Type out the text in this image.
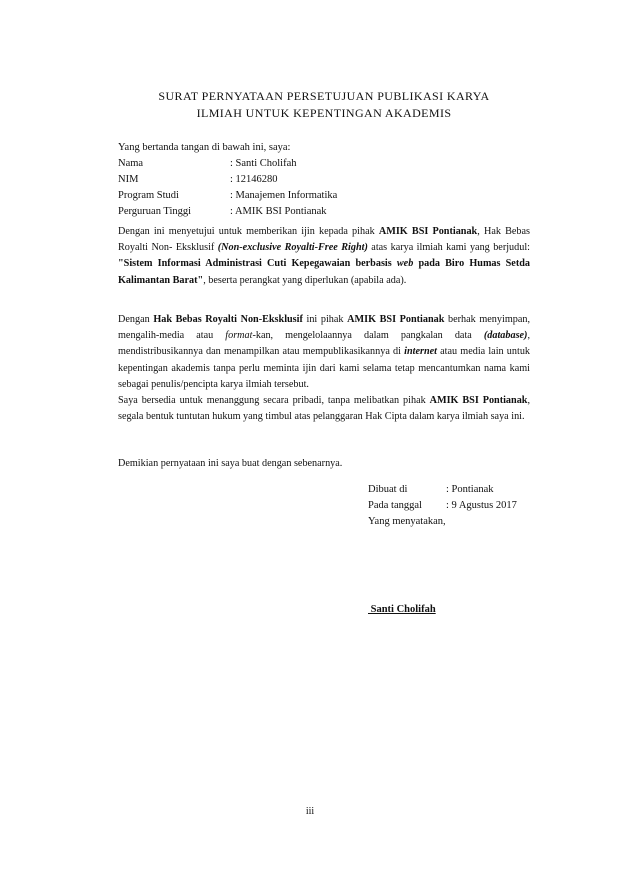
SURAT PERNYATAAN PERSETUJUAN PUBLIKASI KARYA
ILMIAH UNTUK KEPENTINGAN AKADEMIS
Yang bertanda tangan di bawah ini, saya:
Nama	: Santi Cholifah
NIM	: 12146280
Program Studi	: Manajemen Informatika
Perguruan Tinggi	: AMIK BSI Pontianak

Dengan ini menyetujui untuk memberikan ijin kepada pihak AMIK BSI Pontianak, Hak Bebas Royalti Non- Eksklusif (Non-exclusive Royalti-Free Right) atas karya ilmiah kami yang berjudul: "Sistem Informasi Administrasi Cuti Kepegawaian berbasis web pada Biro Humas Setda Kalimantan Barat", beserta perangkat yang diperlukan (apabila ada).

Dengan Hak Bebas Royalti Non-Eksklusif ini pihak AMIK BSI Pontianak berhak menyimpan, mengalih-media atau format-kan, mengelolaannya dalam pangkalan data (database), mendistribusikannya dan menampilkan atau mempublikasikannya di internet atau media lain untuk kepentingan akademis tanpa perlu meminta ijin dari kami selama tetap mencantumkan nama kami sebagai penulis/pencipta karya ilmiah tersebut.

Saya bersedia untuk menanggung secara pribadi, tanpa melibatkan pihak AMIK BSI Pontianak, segala bentuk tuntutan hukum yang timbul atas pelanggaran Hak Cipta dalam karya ilmiah saya ini.

Demikian pernyataan ini saya buat dengan sebenarnya.

Dibuat di	: Pontianak
Pada tanggal	: 9 Agustus 2017
Yang menyatakan,
Santi Cholifah
iii
